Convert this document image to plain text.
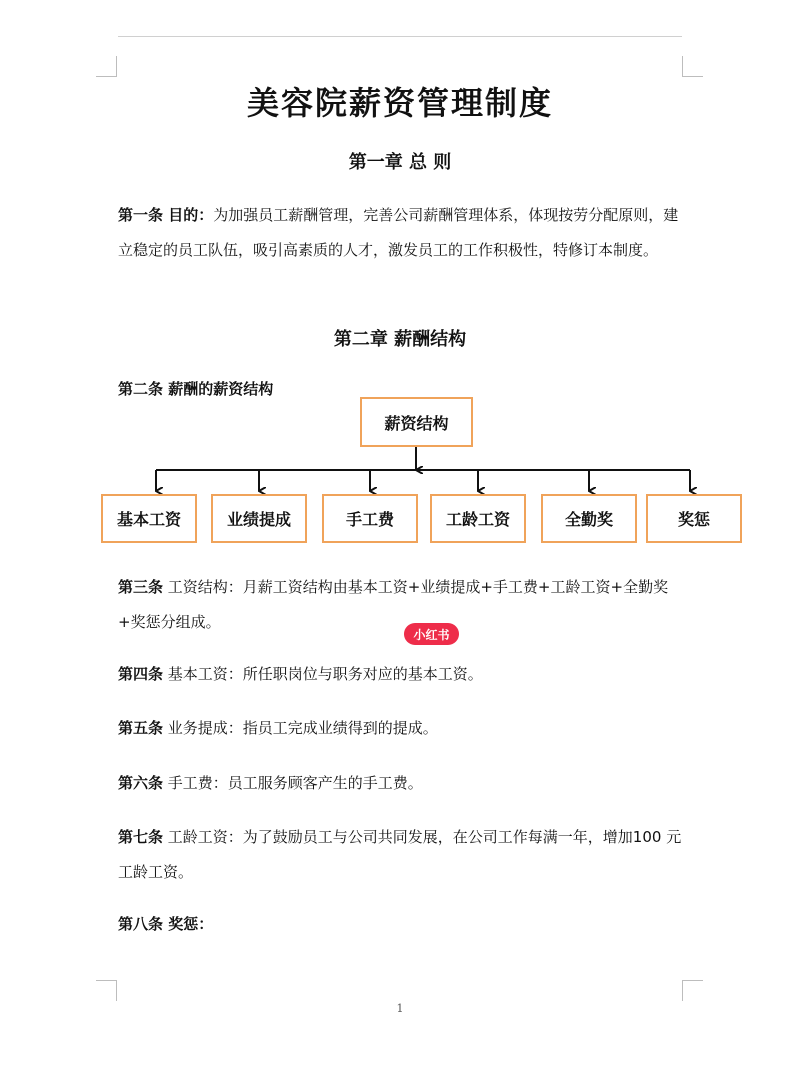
美容院薪资管理制度
第一章 总 则
第一条 目的：为加强员工薪酬管理，完善公司薪酬管理体系，体现按劳分配原则，建立稳定的员工队伍，吸引高素质的人才，激发员工的工作积极性，特修订本制度。
第二章 薪酬结构
第二条 薪酬的薪资结构
薪资结构
基本工资	业绩提成	手工费	工龄工资	全勤奖	奖惩
第三条 工资结构：月薪工资结构由基本工资+业绩提成+手工费+工龄工资+全勤奖+奖惩分组成。
小红书
第四条 基本工资：所任职岗位与职务对应的基本工资。
第五条 业务提成：指员工完成业绩得到的提成。
第六条 手工费：员工服务顾客产生的手工费。
第七条 工龄工资：为了鼓励员工与公司共同发展，在公司工作每满一年，增加100 元工龄工资。
第八条 奖惩：
1
